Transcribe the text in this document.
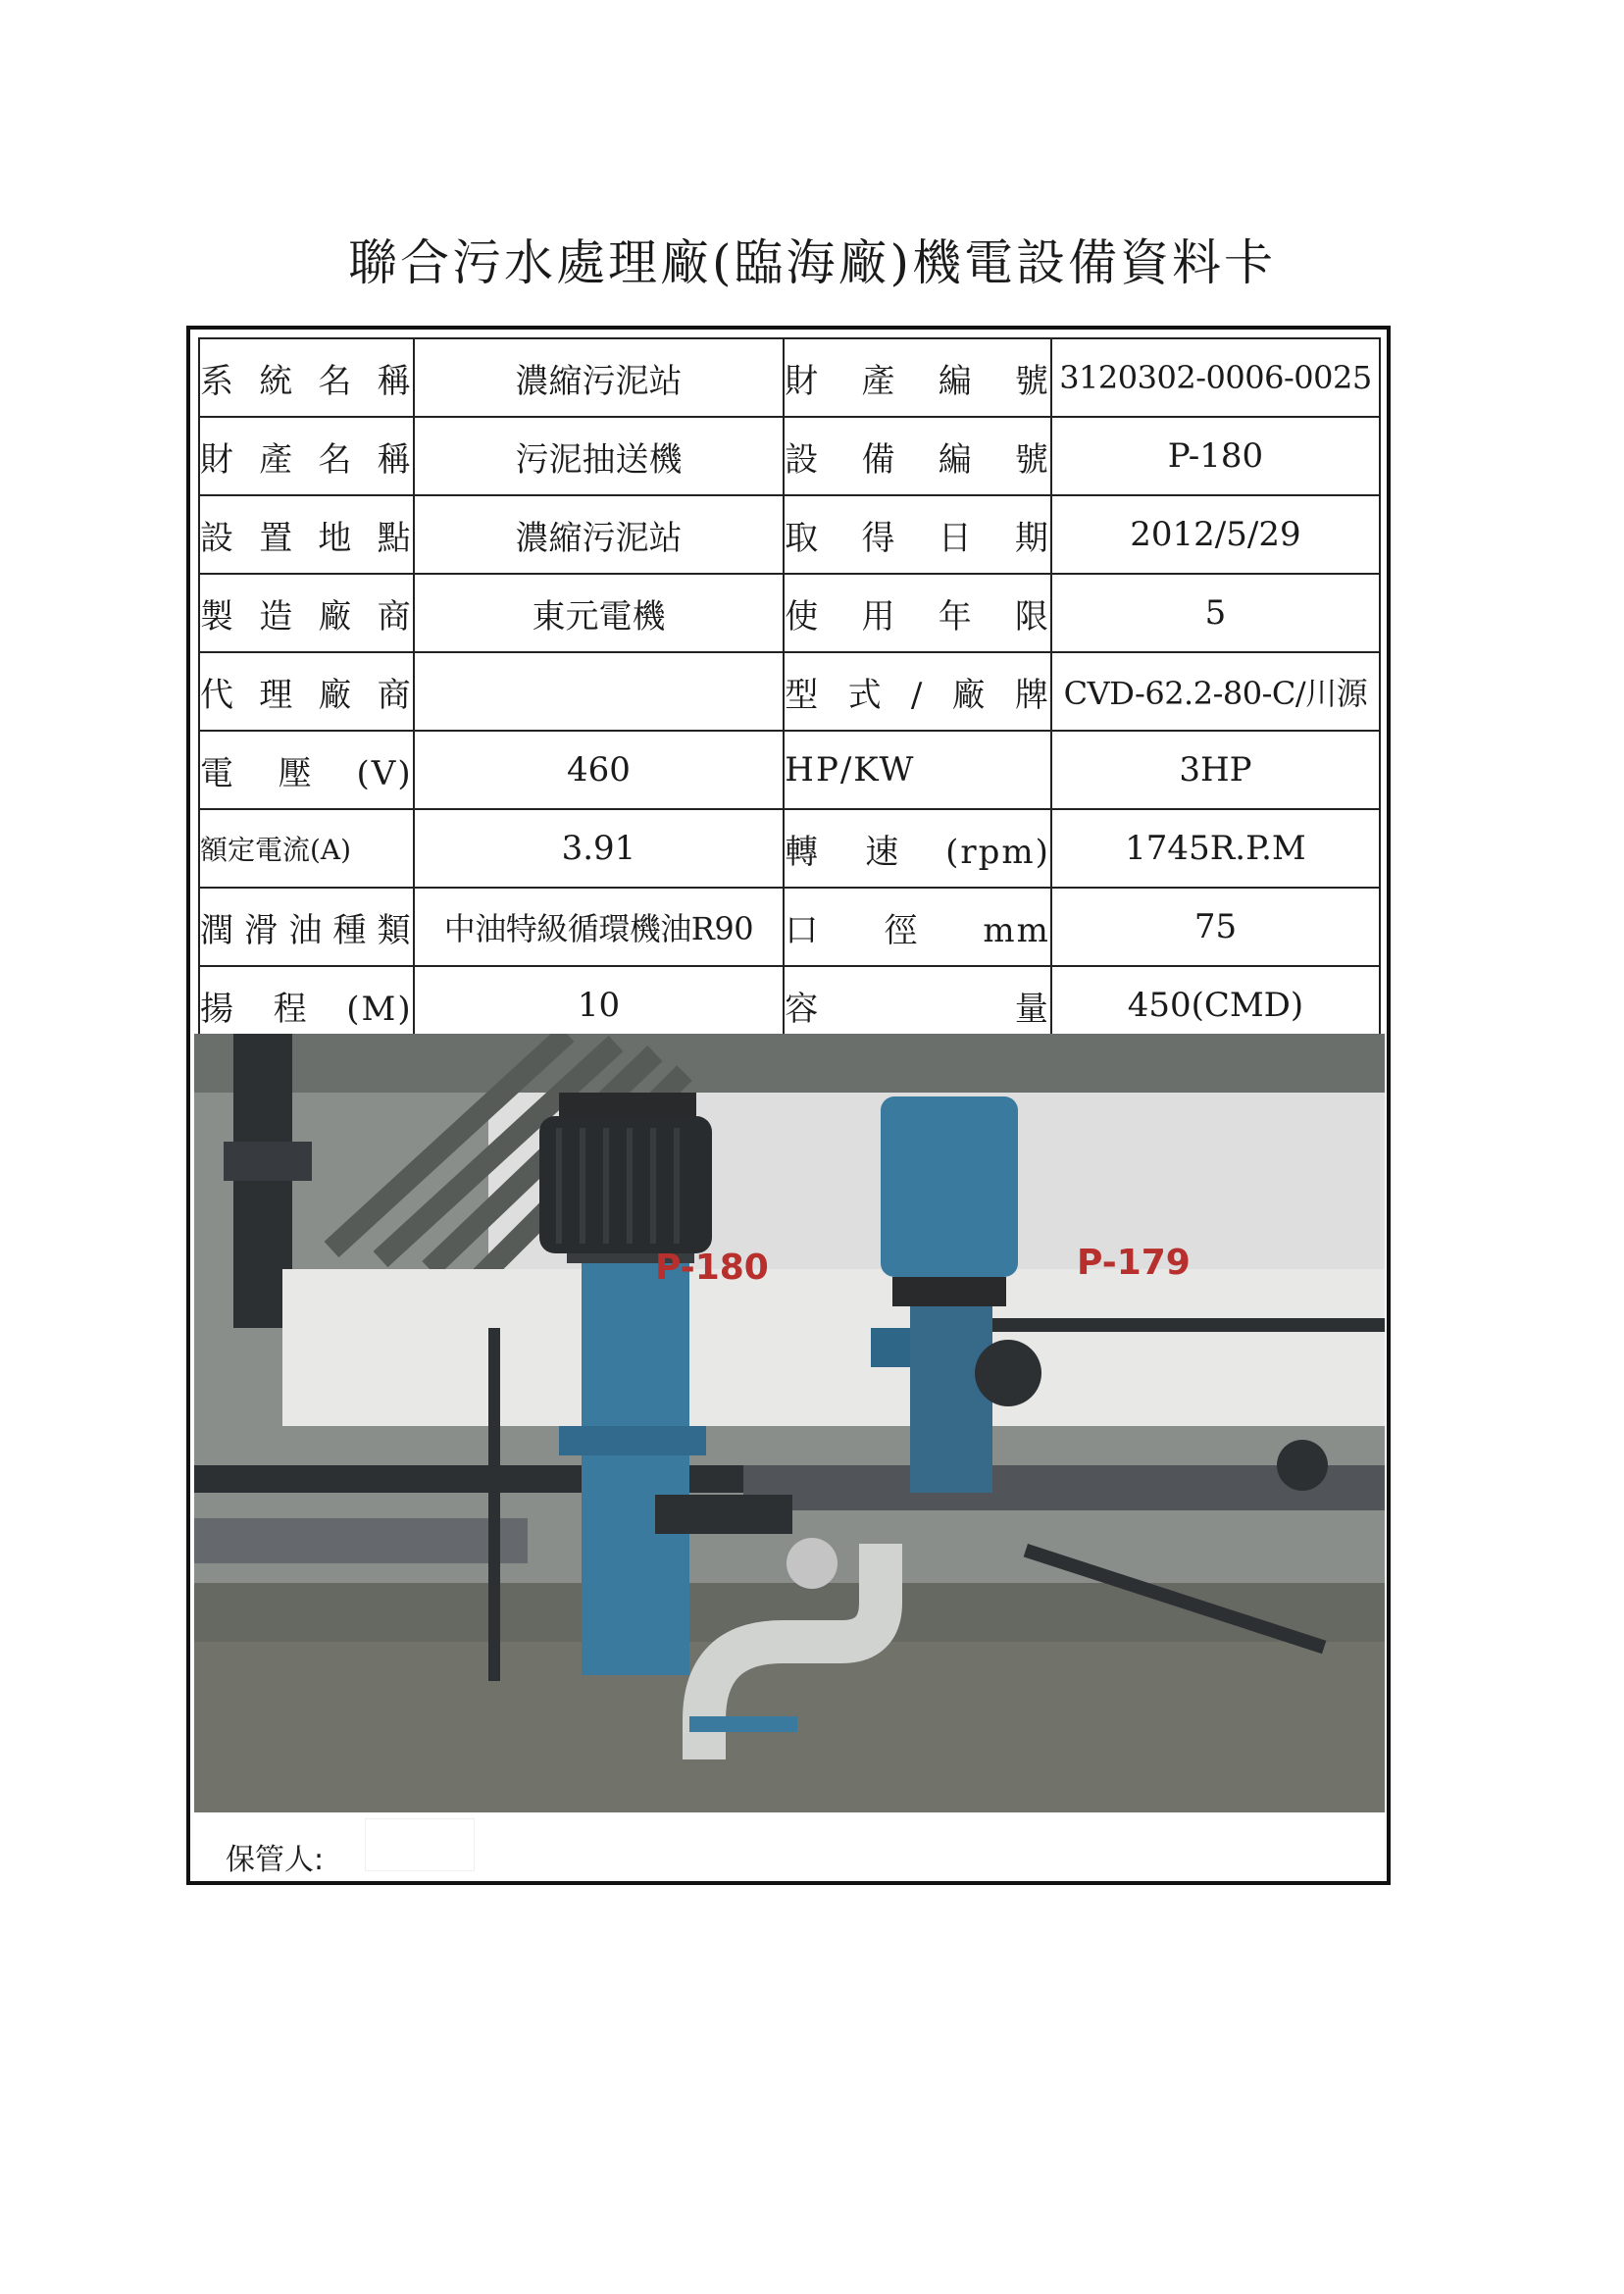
聯合污水處理廠(臨海廠)機電設備資料卡
系統名稱	濃縮污泥站	財產編號	3120302-0006-0025
財產名稱	污泥抽送機	設備編號	P-180
設置地點	濃縮污泥站	取得日期	2012/5/29
製造廠商	東元電機	使用年限	5
代理廠商		型式/廠牌	CVD-62.2-80-C/川源
電壓(V)	460	HP/KW	3HP
額定電流(A)	3.91	轉速(rpm)	1745R.P.M
潤滑油種類	中油特級循環機油R90	口徑mm	75
揚程(M)	10	容量	450(CMD)
P-180	P-179
保管人:
